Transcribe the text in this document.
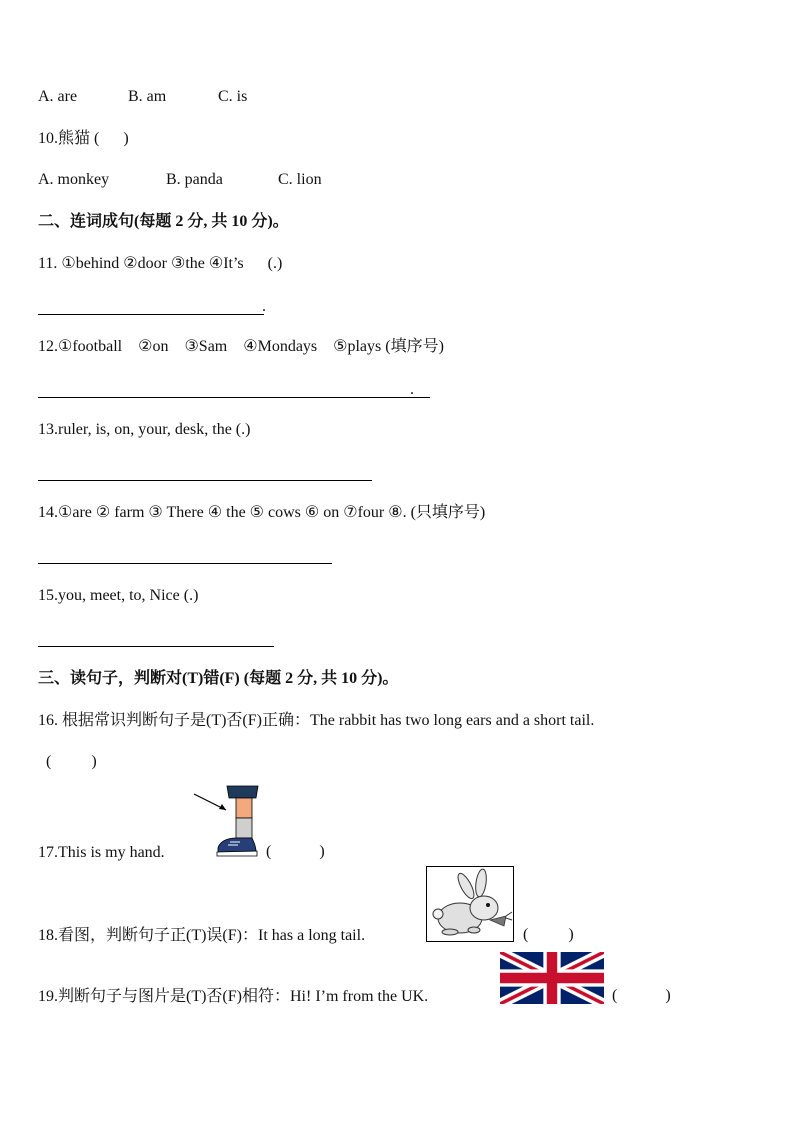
A. are	B. am	C. is
10.熊猫 (      )
A. monkey	B. panda	C. lion
二、连词成句(每题 2 分, 共 10 分)。
11. ①behind ②door ③the ④It’s      (.)
.
12.①football    ②on    ③Sam    ④Mondays    ⑤plays (填序号)
.
13.ruler, is, on, your, desk, the (.)
14.①are ② farm ③ There ④ the ⑤ cows ⑥ on ⑦four ⑧. (只填序号)
15.you, meet, to, Nice (.)
三、读句子，判断对(T)错(F) (每题 2 分, 共 10 分)。
16. 根据常识判断句子是(T)否(F)正确：The rabbit has two long ears and a short tail.
(          )
17.This is my hand.	(            )
18.看图，判断句子正(T)误(F)：It has a long tail.	(          )
19.判断句子与图片是(T)否(F)相符：Hi! I’m from the UK.	(            )
